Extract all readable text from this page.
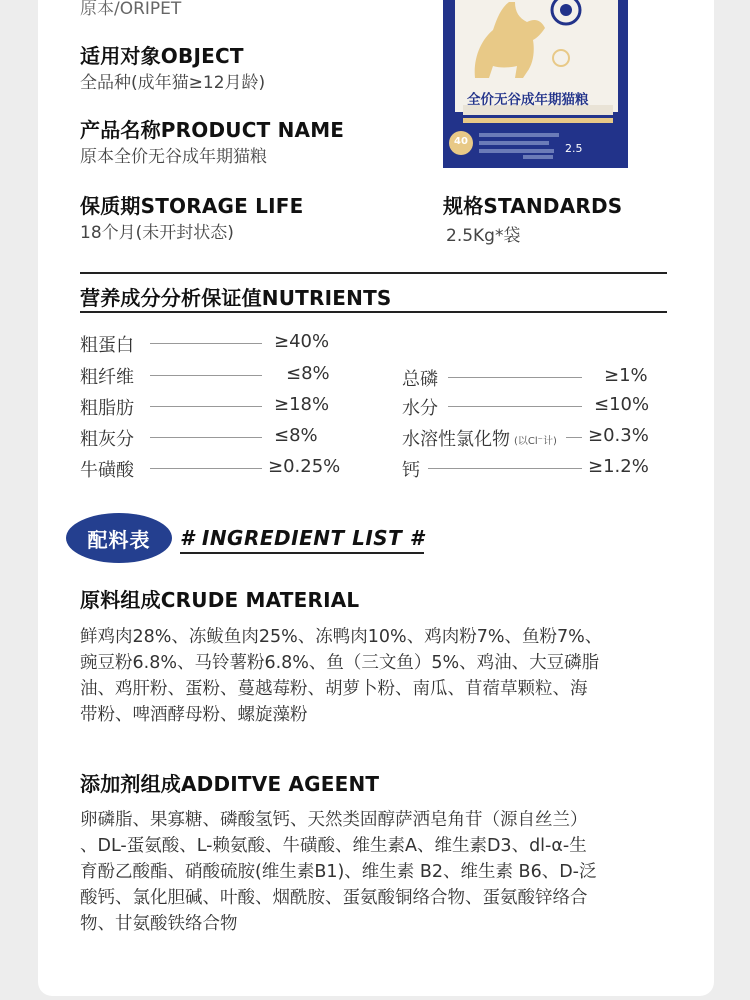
原本/ORIPET
适用对象OBJECT
全品种(成年猫≥12月龄)
产品名称PRODUCT NAME
原本全价无谷成年期猫粮
全价无谷成年期猫粮
40
2.5
保质期STORAGE LIFE
18个月(未开封状态)
规格STANDARDS
2.5Kg*袋
营养成分分析保证值NUTRIENTS
粗蛋白	≥40%
粗纤维	≤8%
粗脂肪	≥18%
粗灰分	≤8%
牛磺酸	≥0.25%
总磷	≥1%
水分	≤10%
水溶性氯化物 (以Cl⁻计) ≥0.3%
钙	≥1.2%
配料表	# INGREDIENT LIST #
原料组成CRUDE MATERIAL
鲜鸡肉28%、冻鲅鱼肉25%、冻鸭肉10%、鸡肉粉7%、鱼粉7%、
豌豆粉6.8%、马铃薯粉6.8%、鱼（三文鱼）5%、鸡油、大豆磷脂
油、鸡肝粉、蛋粉、蔓越莓粉、胡萝卜粉、南瓜、苜蓿草颗粒、海
带粉、啤酒酵母粉、螺旋藻粉
添加剂组成ADDITVE AGEENT
卵磷脂、果寡糖、磷酸氢钙、天然类固醇萨洒皂角苷（源自丝兰）
、DL-蛋氨酸、L-赖氨酸、牛磺酸、维生素A、维生素D3、dl-α-生
育酚乙酸酯、硝酸硫胺(维生素B1)、维生素 B2、维生素 B6、D-泛
酸钙、氯化胆碱、叶酸、烟酰胺、蛋氨酸铜络合物、蛋氨酸锌络合
物、甘氨酸铁络合物
